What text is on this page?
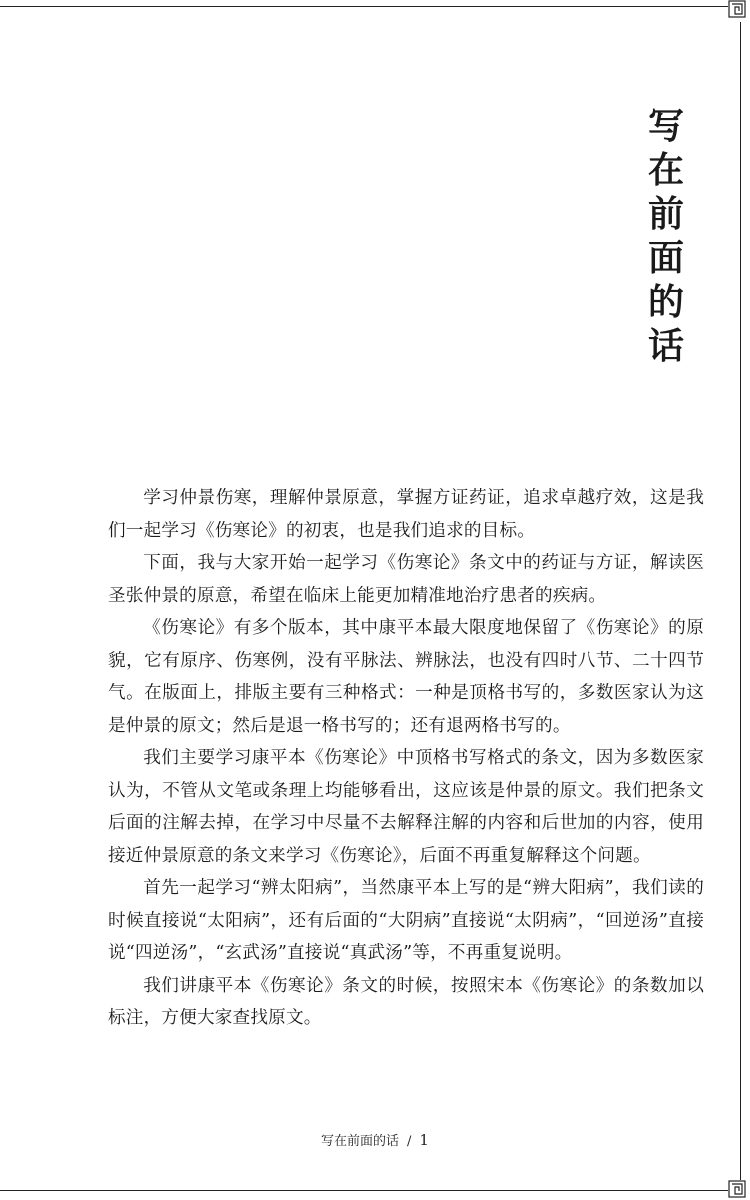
写
在
前
面
的
话

学习仲景伤寒，理解仲景原意，掌握方证药证，追求卓越疗效，这是我们一起学习《伤寒论》的初衷，也是我们追求的目标。

下面，我与大家开始一起学习《伤寒论》条文中的药证与方证，解读医圣张仲景的原意，希望在临床上能更加精准地治疗患者的疾病。

《伤寒论》有多个版本，其中康平本最大限度地保留了《伤寒论》的原貌，它有原序、伤寒例，没有平脉法、辨脉法，也没有四时八节、二十四节气。在版面上，排版主要有三种格式：一种是顶格书写的，多数医家认为这是仲景的原文；然后是退一格书写的；还有退两格书写的。

我们主要学习康平本《伤寒论》中顶格书写格式的条文，因为多数医家认为，不管从文笔或条理上均能够看出，这应该是仲景的原文。我们把条文后面的注解去掉，在学习中尽量不去解释注解的内容和后世加的内容，使用接近仲景原意的条文来学习《伤寒论》，后面不再重复解释这个问题。

首先一起学习“辨太阳病”，当然康平本上写的是“辨大阳病”，我们读的时候直接说“太阳病”，还有后面的“大阴病”直接说“太阴病”，“回逆汤”直接说“四逆汤”，“玄武汤”直接说“真武汤”等，不再重复说明。

我们讲康平本《伤寒论》条文的时候，按照宋本《伤寒论》的条数加以标注，方便大家查找原文。

写在前面的话 / 1
